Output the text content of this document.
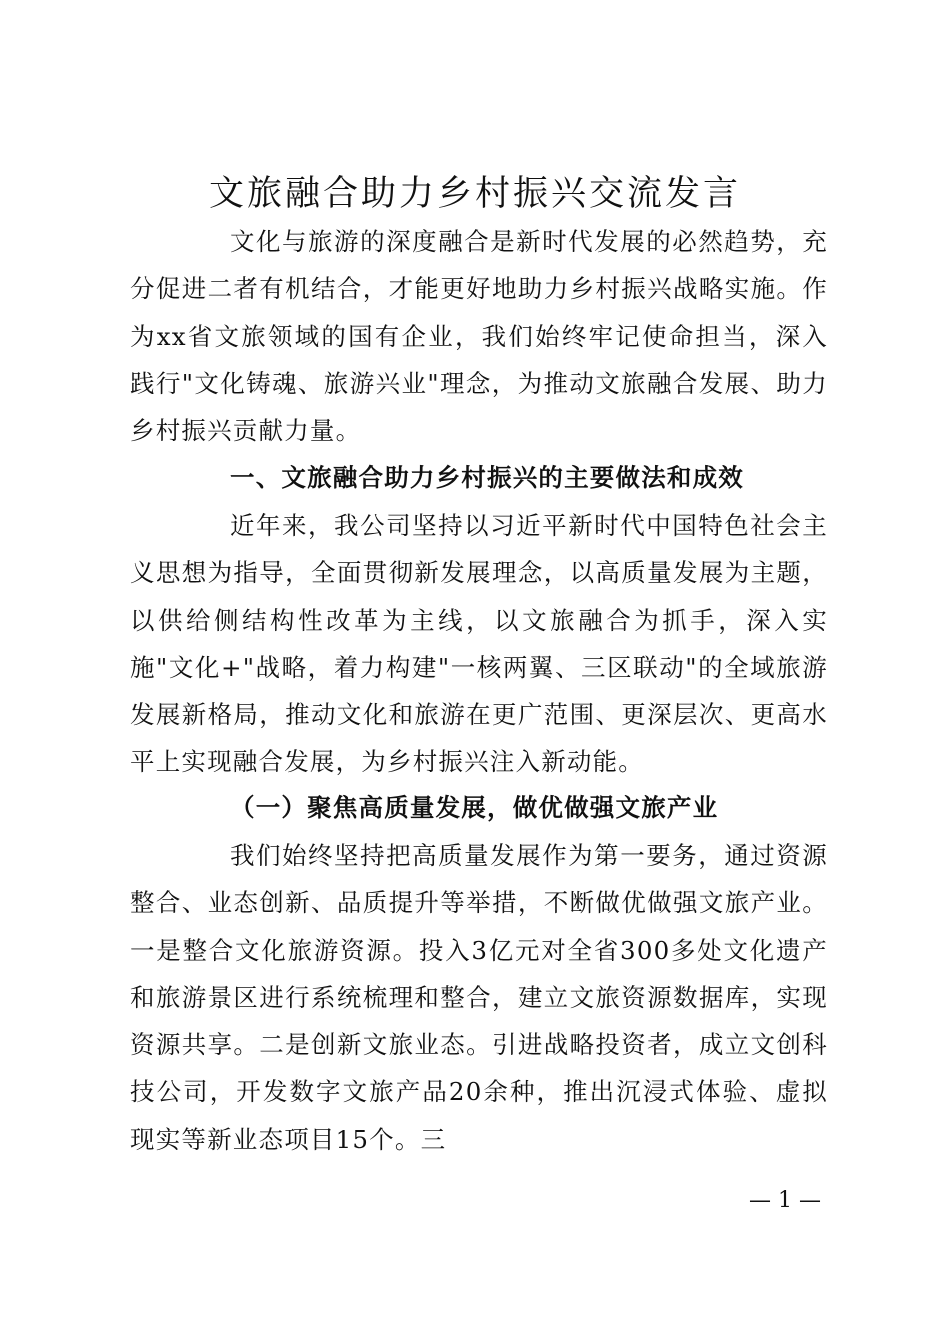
文旅融合助力乡村振兴交流发言

文化与旅游的深度融合是新时代发展的必然趋势，充分促进二者有机结合，才能更好地助力乡村振兴战略实施。作为xx省文旅领域的国有企业，我们始终牢记使命担当，深入践行"文化铸魂、旅游兴业"理念，为推动文旅融合发展、助力乡村振兴贡献力量。

一、文旅融合助力乡村振兴的主要做法和成效

近年来，我公司坚持以习近平新时代中国特色社会主义思想为指导，全面贯彻新发展理念，以高质量发展为主题，以供给侧结构性改革为主线，以文旅融合为抓手，深入实施"文化+"战略，着力构建"一核两翼、三区联动"的全域旅游发展新格局，推动文化和旅游在更广范围、更深层次、更高水平上实现融合发展，为乡村振兴注入新动能。

（一）聚焦高质量发展，做优做强文旅产业

我们始终坚持把高质量发展作为第一要务，通过资源整合、业态创新、品质提升等举措，不断做优做强文旅产业。一是整合文化旅游资源。投入3亿元对全省300多处文化遗产和旅游景区进行系统梳理和整合，建立文旅资源数据库，实现资源共享。二是创新文旅业态。引进战略投资者，成立文创科技公司，开发数字文旅产品20余种，推出沉浸式体验、虚拟现实等新业态项目15个。三

— 1 —
